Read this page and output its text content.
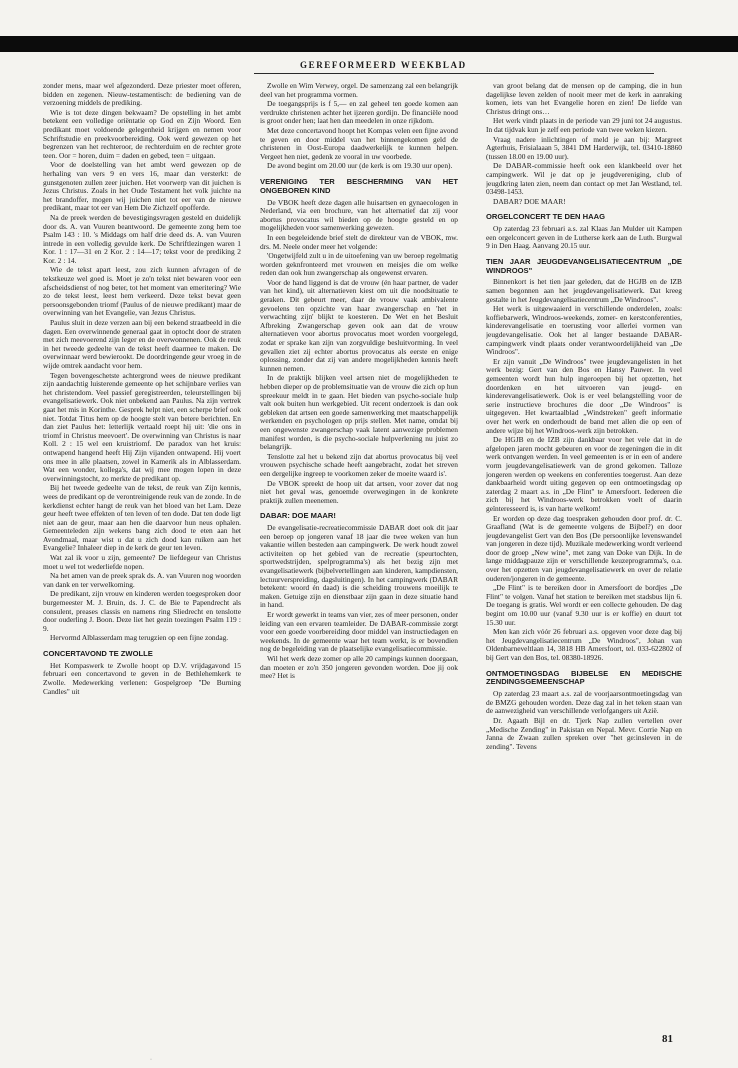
GEREFORMEERD WEEKBLAD

zonder mens, maar wel afgezonderd. Deze priester moet offeren, bidden en zegenen. Nieuw-testamentisch: de bediening van de verzoening middels de prediking.

Wie is tot deze dingen bekwaam? De opstelling in het ambt betekent een volledige oriëntatie op God en Zijn Woord. Een predikant moet voldoende gelegenheid krijgen en nemen voor Schriftstudie en preekvoorbereiding. Ook werd gewezen op het begrenzen van het rechteroor, de rechterduim en de rechter grote teen. Oor = horen, duim = daden en gebed, teen = uitgaan.

Voor de doelstelling van het ambt werd gewezen op de herhaling van vers 9 en vers 16, maar dan versterkt: de gunstgenoten zullen zeer juichen. Het voorwerp van dit juichen is Jezus Christus. Zoals in het Oude Testament het volk juichte na het brandoffer, mogen wij juichen niet tot eer van de nieuwe predikant, maar tot eer van Hem Die Zichzelf opofferde.

Na de preek werden de bevestigingsvragen gesteld en duidelijk door ds. A. van Vuuren beantwoord. De gemeente zong hem toe Psalm 143 : 10. 's Middags om half drie deed ds. A. van Vuuren intrede in een volledig gevulde kerk. De Schriftlezingen waren 1 Kor. 1 : 17—31 en 2 Kor. 2 : 14—17; tekst voor de prediking 2 Kor. 2 : 14.

Wie de tekst apart leest, zou zich kunnen afvragen of de tekstkeuze wel goed is. Moet je zo'n tekst niet bewaren voor een afscheidsdienst of nog beter, tot het moment van emeritering? Wie zo de tekst leest, leest hem verkeerd. Deze tekst bevat geen persoonsgebonden triomf (Paulus of de nieuwe predikant) maar de overwinning van het Evangelie, van Jezus Christus.

Paulus sluit in deze verzen aan bij een bekend straatbeeld in die dagen. Een overwinnende generaal gaat in optocht door de straten met zich meevoerend zijn leger en de overwonnenen. Ook de reuk in het tweede gedeelte van de tekst heeft daarmee te maken. De overwinnaar werd bewierookt. De doordringende geur vroeg in de wijde omtrek aandacht voor hem.

Tegen bovengeschetste achtergrond wees de nieuwe predikant zijn aandachtig luisterende gemeente op het schijnbare verlies van het christendom. Veel passief geregistreerden, teleurstellingen bij evangelisatiewerk. Ook niet onbekend aan Paulus. Na zijn vertrek gaat het mis in Korinthe. Gesprek helpt niet, een scherpe brief ook niet. Totdat Titus hem op de hoogte stelt van betere berichten. En dan ziet Paulus het: letterlijk vertaald roept hij uit: 'die ons in triomf in Christus meevoert'. De overwinning van Christus is naar Koll. 2 : 15 wel een kruistriomf. De paradox van het kruis: ontwapend hangend heeft Hij Zijn vijanden ontwapend. Hij voert ons mee in alle plaatsen, zowel in Kamerik als in Alblasserdam. Wat een wonder, kollega's, dat wij mee mogen lopen in deze overwinningstocht, zo merkte de predikant op.

Bij het tweede gedeelte van de tekst, de reuk van Zijn kennis, wees de predikant op de verontreinigende reuk van de zonde. In de kerkdienst echter hangt de reuk van het bloed van het Lam. Deze geur heeft twee effekten of ten leven of ten dode. Dat ten dode ligt niet aan de geur, maar aan hen die daarvoor hun neus ophalen. Gemeenteleden zijn wekens bang zich dood te eten aan het Avondmaal, maar wist u dat u zich dood kan ruiken aan het Evangelie? Inhaleer diep in de kerk de geur ten leven.

Wat zal ik voor u zijn, gemeente? De liefdegeur van Christus moet u wel tot wederliefde nopen.

Na het amen van de preek sprak ds. A. van Vuuren nog woorden van dank en ter verwelkoming.

De predikant, zijn vrouw en kinderen werden toegesproken door burgemeester M. J. Bruin, ds. J. C. de Bie te Papendrecht als consulent, preases classis en namens ring Sliedrecht en tenslotte door ouderling J. Boon. Deze liet het gezin toezingen Psalm 119 : 9.

Hervormd Alblasserdam mag terugzien op een fijne zondag.

CONCERTAVOND TE ZWOLLE

Het Kompaswerk te Zwolle hoopt op D.V. vrijdagavond 15 februari een concertavond te geven in de Bethlehemkerk te Zwolle. Medewerking verlenen: Gospelgroep "De Burning Candles" uit

Zwolle en Wim Verwey, orgel. De samenzang zal een belangrijk deel van het programma vormen.

De toegangsprijs is f 5,— en zal geheel ten goede komen aan verdrukte christenen achter het ijzeren gordijn. De financiële nood is groot onder hen; laat hen dan meedelen in onze rijkdom.

Met deze concertavond hoopt het Kompas velen een fijne avond te geven en door middel van het binnengekomen geld de christenen in Oost-Europa daadwerkelijk te kunnen helpen. Vergeet hen niet, gedenk ze vooral in uw voorbede.

De avond begint om 20.00 uur (de kerk is om 19.30 uur open).

VERENIGING TER BESCHERMING VAN HET ONGEBOREN KIND

De VBOK heeft deze dagen alle huisartsen en gynaecologen in Nederland, via een brochure, van het alternatief dat zij voor abortus provocatus wil bieden op de hoogte gesteld en op mogelijkheden voor samenwerking gewezen.

In een begeleidende brief stelt de direkteur van de VBOK, mw. drs. M. Neele onder meer het volgende:

'Ongetwijfeld zult u in de uitoefening van uw beroep regelmatig worden geknfronteerd met vrouwen en meisjes die om welke reden dan ook hun zwangerschap als ongewenst ervaren.

Voor de hand liggend is dat de vrouw (én haar partner, de vader van het kind), uit alternatieven kiest om uit die noodsituatie te geraken. Dit gebeurt meer, daar de vrouw vaak ambivalente gevoelens ten opzichte van haar zwangerschap en 'het in verwachting zijn' blijkt te koesteren. De Wet en het Besluit Afbreking Zwangerschap geven ook aan dat de vrouw alternatieven voor abortus provocatus moet worden voorgelegd, zodat er sprake kan zijn van zorgvuldige besluitvorming. In veel gevallen ziet zij echter abortus provocatus als eerste en enige oplossing, zonder dat zij van andere mogelijkheden kennis heeft kunnen nemen.

In de praktijk blijken veel artsen niet de mogelijkheden te hebben dieper op de problemsituatie van de vrouw die zich op hun spreekuur meldt in te gaan. Het bieden van psycho-sociale hulp valt ook buiten hun werkgebied. Uit recent onderzoek is dan ook gebleken dat artsen een goede samenwerking met maatschappelijk werkenden en psychologen op prijs stellen. Met name, omdat bij een ongewenste zwangerschap vaak latent aanwezige problemen manifest worden, is die psycho-sociale hulpverlening nu juist zo belangrijk.

Tenslotte zal het u bekend zijn dat abortus provocatus bij veel vrouwen psychische schade heeft aangebracht, zodat het streven een dergelijke ingreep te voorkomen zeker de moeite waard is'.

De VBOK spreekt de hoop uit dat artsen, voor zover dat nog niet het geval was, genoemde overwegingen in de konkrete praktijk zullen meenemen.

DABAR: DOE MAAR!

De evangelisatie-recreatiecommissie DABAR doet ook dit jaar een beroep op jongeren vanaf 18 jaar die twee weken van hun vakantie willen besteden aan campingwerk. De werk houdt zowel activiteiten op het gebied van de recreatie (speurtochten, sportwedstrijden, spelprogramma's) als het bezig zijn met evangelisatiewerk (bijbelvertellingen aan kinderen, kampdiensten, lectuurverspreiding, dagsluitingen). In het campingwerk (DABAR betekent: woord én daad) is die scheiding trouwens moeilijk te maken. Getuige zijn en dienstbaar zijn gaan in deze situatie hand in hand.

Er wordt gewerkt in teams van vier, zes of meer personen, onder leiding van een ervaren teamleider. De DABAR-commissie zorgt voor een goede voorbereiding door middel van instructiedagen en weekends. In de gemeente waar het team werkt, is er bovendien nog de begeleiding van de plaatselijke evangelisatiecommissie.

Wil het werk deze zomer op alle 20 campings kunnen doorgaan, dan moeten er zo'n 350 jongeren gevonden worden. Doe jij ook mee? Het is

van groot belang dat de mensen op de camping, die in hun dagelijkse leven zelden of nooit meer met de kerk in aanraking komen, iets van het Evangelie horen en zien! De liefde van Christus dringt ons…

Het werk vindt plaats in de periode van 29 juni tot 24 augustus. In dat tijdvak kun je zelf een periode van twee weken kiezen.

Vraag nadere inlichtingen of meld je aan bij: Margreet Agterhuis, Frisialaaan 5, 3841 DM Harderwijk, tel. 03410-18860 (tussen 18.00 en 19.00 uur).

De DABAR-commissie heeft ook een klankbeeld over het campingwerk. Wil je dat op je jeugdvereniging, club of jeugdkring laten zien, neem dan contact op met Jan Westland, tel. 03498-1453.

DABAR? DOE MAAR!

ORGELCONCERT TE DEN HAAG

Op zaterdag 23 februari a.s. zal Klaas Jan Mulder uit Kampen een orgelconcert geven in de Lutherse kerk aan de Luth. Burgwal 9 in Den Haag. Aanvang 20.15 uur.

TIEN JAAR JEUGDEVANGELISATIECENTRUM „DE WINDROOS"

Binnenkort is het tien jaar geleden, dat de HGJB en de IZB samen begonnen aan het jeugdevangelisatiewerk. Dat kreeg gestalte in het Jeugdevangelisatiecentrum „De Windroos".

Het werk is uitgewaaierd in verschillende onderdelen, zoals: koffiebarwerk, Windroos-weekends, zomer- en kerstconferenties, kinderevangelisatie en toerusting voor allerlei vormen van jeugdevangelisatie. Ook het al langer bestaande DABAR-campingwerk vindt plaats onder verantwoordelijkheid van „De Windroos".

Er zijn vanuit „De Windroos" twee jeugdevangelisten in het werk bezig: Gert van den Bos en Hansy Pauwer. In veel gemeenten wordt hun hulp ingeroepen bij het opzetten, het doordenken en het uitvoeren van jeugd- en kinderevangelisatiewerk. Ook is er veel belangstelling voor de serie instructieve brochures die door „De Windroos" is uitgegeven. Het kwartaalblad „Windstreken" geeft informatie over het werk en onderhoudt de band met allen die op een of andere wijze bij het Windroos-werk zijn betrokken.

De HGJB en de IZB zijn dankbaar voor het vele dat in de afgelopen jaren mocht gebeuren en voor de zegeningen die in dit werk ontvangen werden. In veel gemeenten is er in een of andere vorm jeugdevangelisatiewerk van de grond gekomen. Talloze jongeren werden op weekens en conferenties toegerust. Aan deze dankbaarheid wordt uiting gegeven op een ontmoetingsdag op zaterdag 2 maart a.s. in „De Flint" te Amersfoort. Iedereen die zich bij het Windroos-werk betrokken voelt of daarin geïnteresseerd is, is van harte welkom!

Er worden op deze dag toespraken gehouden door prof. dr. C. Graafland (Wat is de gemeente volgens de Bijbel?) en door jeugdevangelist Gert van den Bos (De persoonlijke levenswandel van jongeren in deze tijd). Muzikale medewerking wordt verleend door de groep „New wine", met zang van Doke van Dijk. In de lange middagpauze zijn er verschillende keuzeprogramma's, o.a. over het opzetten van jeugdevangelisatiewerk en over de relatie ouderen/jongeren in de gemeente.

„De Flint" is te bereiken door in Amersfoort de bordjes „De Flint" te volgen. Vanaf het station te bereiken met stadsbus lijn 6. De toegang is gratis. Wel wordt er een collecte gehouden. De dag begint om 10.00 uur (vanaf 9.30 uur is er koffie) en duurt tot 15.30 uur.

Men kan zich vóór 26 februari a.s. opgeven voor deze dag bij het Jeugdevangelisatiecentrum „De Windroos", Johan van Oldenbarneveltlaan 14, 3818 HB Amersfoort, tel. 033-622802 of bij Gert van den Bos, tel. 08380-18926.

ONTMOETINGSDAG BIJBELSE EN MEDISCHE ZENDINGSGEMEENSCHAP

Op zaterdag 23 maart a.s. zal de voorjaarsontmoetingsdag van de BMZG gehouden worden. Deze dag zal in het teken staan van de aanwezigheid van verschillende verlofgangers uit Azië.

Dr. Agaath Bijl en dr. Tjerk Nap zullen vertellen over „Medische Zending" in Pakistan en Nepal. Mevr. Corrie Nap en Janna de Zwaan zullen spreken over "het ge:insleven in de zending". Tevens

81
·
